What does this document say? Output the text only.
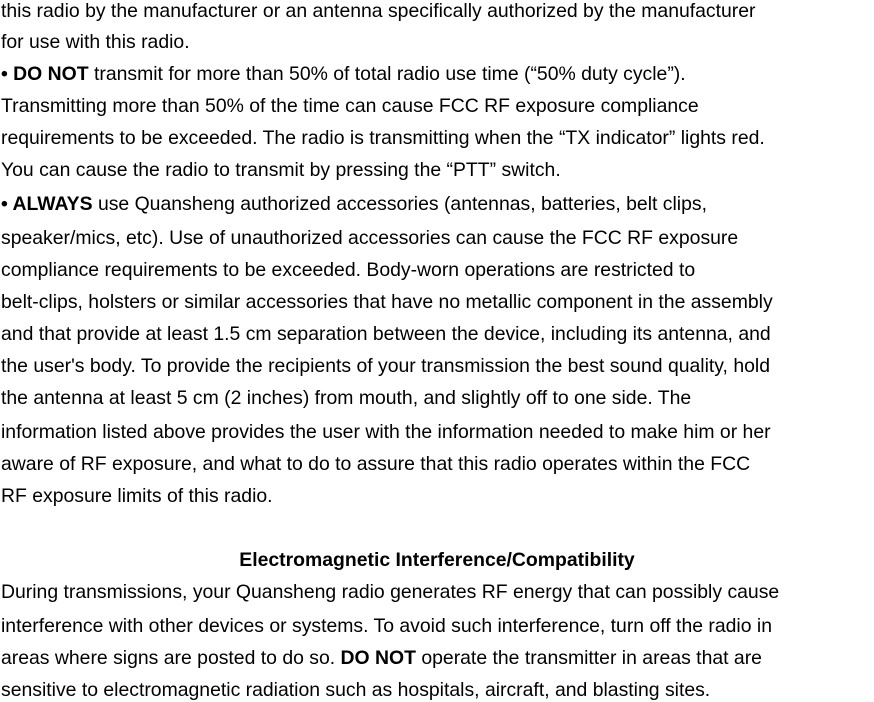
this radio by the manufacturer or an antenna specifically authorized by the manufacturer
for use with this radio.
• DO NOT transmit for more than 50% of total radio use time (“50% duty cycle”).
Transmitting more than 50% of the time can cause FCC RF exposure compliance
requirements to be exceeded. The radio is transmitting when the “TX indicator” lights red.
You can cause the radio to transmit by pressing the “PTT” switch.
• ALWAYS use Quansheng authorized accessories (antennas, batteries, belt clips,
speaker/mics, etc). Use of unauthorized accessories can cause the FCC RF exposure
compliance requirements to be exceeded. Body-worn operations are restricted to
belt-clips, holsters or similar accessories that have no metallic component in the assembly
and that provide at least 1.5 cm separation between the device, including its antenna, and
the user's body. To provide the recipients of your transmission the best sound quality, hold
the antenna at least 5 cm (2 inches) from mouth, and slightly off to one side. The
information listed above provides the user with the information needed to make him or her
aware of RF exposure, and what to do to assure that this radio operates within the FCC
RF exposure limits of this radio.
Electromagnetic Interference/Compatibility
During transmissions, your Quansheng radio generates RF energy that can possibly cause
interference with other devices or systems. To avoid such interference, turn off the radio in
areas where signs are posted to do so. DO NOT operate the transmitter in areas that are
sensitive to electromagnetic radiation such as hospitals, aircraft, and blasting sites.
